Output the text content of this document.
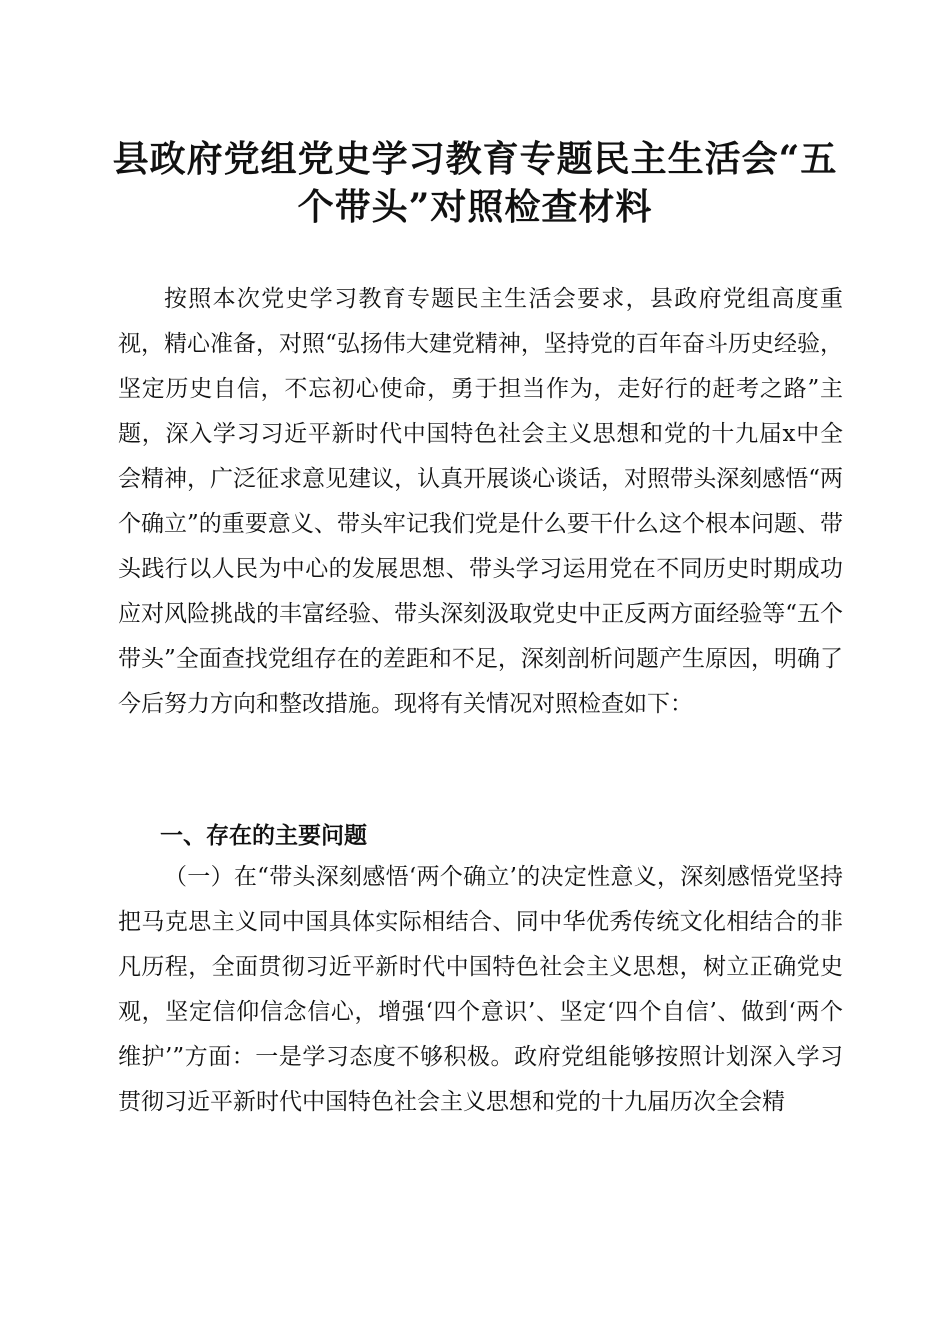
县政府党组党史学习教育专题民主生活会“五
个带头”对照检查材料

按照本次党史学习教育专题民主生活会要求，县政府党组高度重视，精心准备，对照“弘扬伟大建党精神，坚持党的百年奋斗历史经验，坚定历史自信，不忘初心使命，勇于担当作为，走好行的赶考之路”主题，深入学习习近平新时代中国特色社会主义思想和党的十九届x中全会精神，广泛征求意见建议，认真开展谈心谈话，对照带头深刻感悟“两个确立”的重要意义、带头牢记我们党是什么要干什么这个根本问题、带头践行以人民为中心的发展思想、带头学习运用党在不同历史时期成功应对风险挑战的丰富经验、带头深刻汲取党史中正反两方面经验等“五个带头”全面查找党组存在的差距和不足，深刻剖析问题产生原因，明确了今后努力方向和整改措施。现将有关情况对照检查如下：

一、存在的主要问题

（一）在“带头深刻感悟‘两个确立’的决定性意义，深刻感悟党坚持把马克思主义同中国具体实际相结合、同中华优秀传统文化相结合的非凡历程，全面贯彻习近平新时代中国特色社会主义思想，树立正确党史观，坚定信仰信念信心，增强‘四个意识’、坚定‘四个自信’、做到‘两个维护’”方面：一是学习态度不够积极。政府党组能够按照计划深入学习贯彻习近平新时代中国特色社会主义思想和党的十九届历次全会精
